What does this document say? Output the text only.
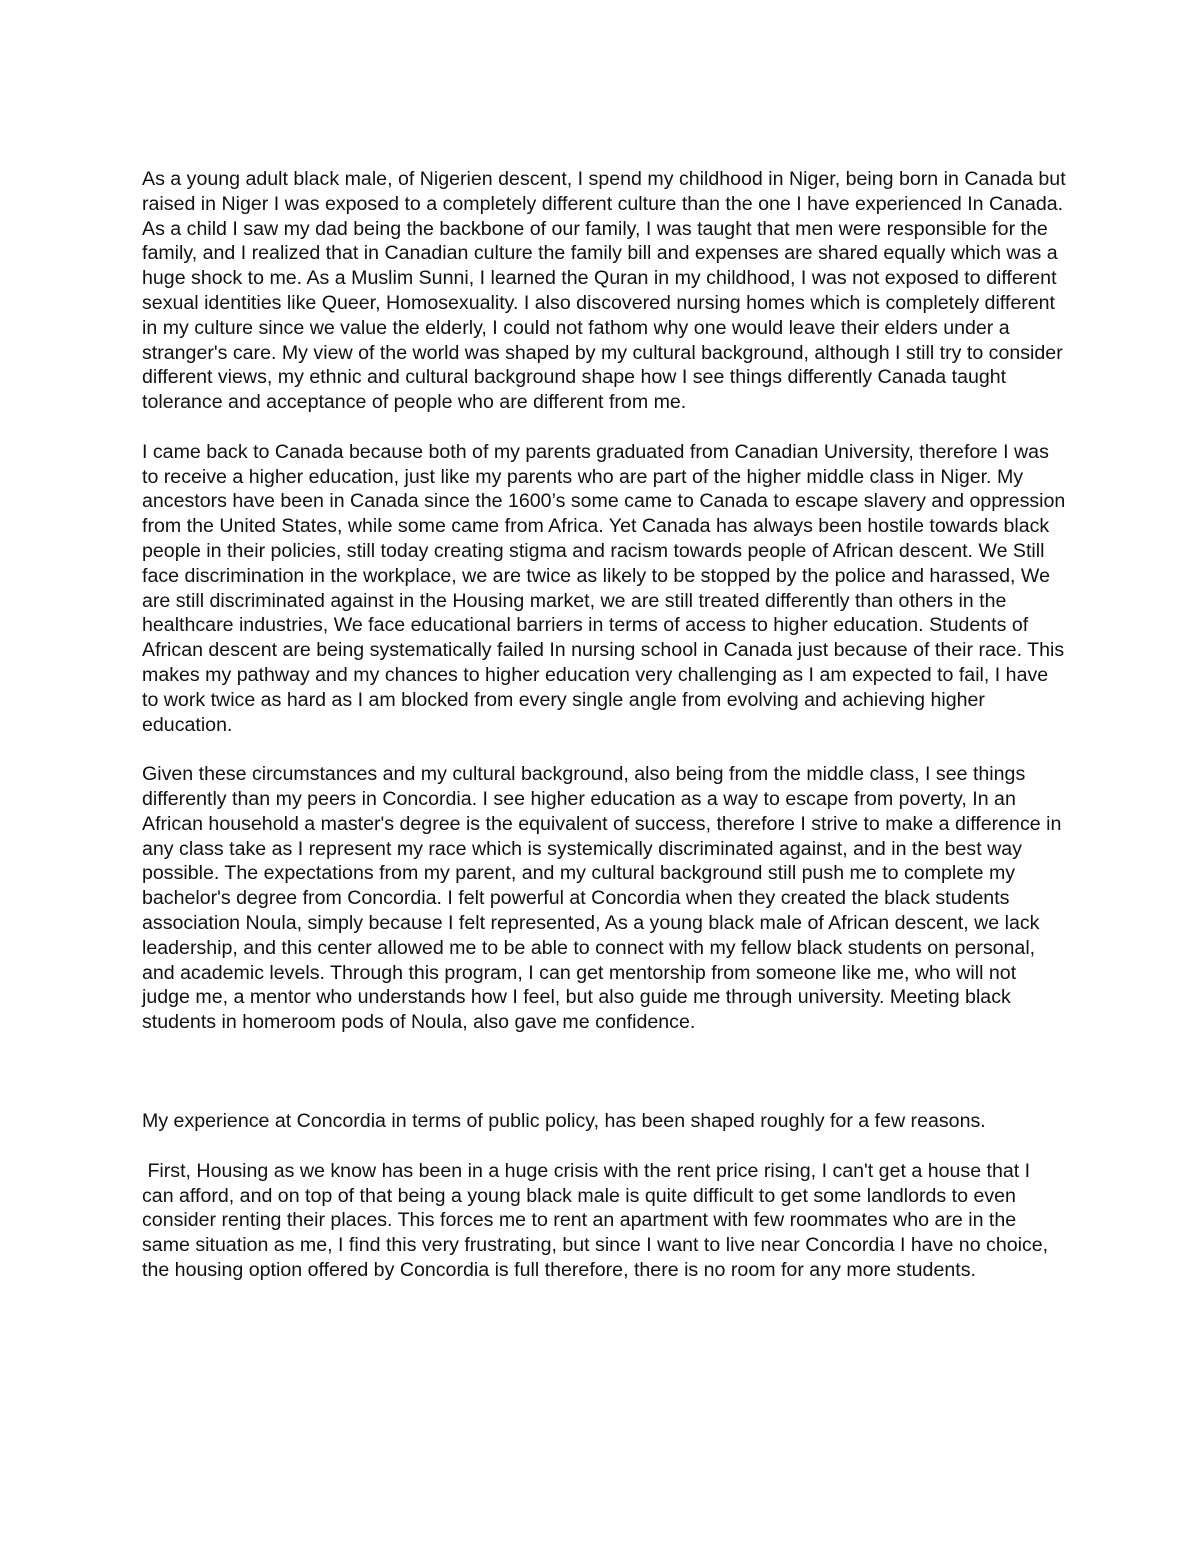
As a young adult black male, of Nigerien descent, I spend my childhood in Niger, being born in Canada but raised in Niger I was exposed to a completely different culture than the one I have experienced In Canada. As a child I saw my dad being the backbone of our family, I was taught that men were responsible for the family, and I realized that in Canadian culture the family bill and expenses are shared equally which was a huge shock to me. As a Muslim Sunni, I learned the Quran in my childhood, I was not exposed to different sexual identities like Queer, Homosexuality. I also discovered nursing homes which is completely different in my culture since we value the elderly, I could not fathom why one would leave their elders under a stranger's care. My view of the world was shaped by my cultural background, although I still try to consider different views, my ethnic and cultural background shape how I see things differently Canada taught tolerance and acceptance of people who are different from me.

I came back to Canada because both of my parents graduated from Canadian University, therefore I was to receive a higher education, just like my parents who are part of the higher middle class in Niger. My ancestors have been in Canada since the 1600’s some came to Canada to escape slavery and oppression from the United States, while some came from Africa. Yet Canada has always been hostile towards black people in their policies, still today creating stigma and racism towards people of African descent. We Still face discrimination in the workplace, we are twice as likely to be stopped by the police and harassed, We are still discriminated against in the Housing market, we are still treated differently than others in the healthcare industries, We face educational barriers in terms of access to higher education. Students of African descent are being systematically failed In nursing school in Canada just because of their race. This makes my pathway and my chances to higher education very challenging as I am expected to fail, I have to work twice as hard as I am blocked from every single angle from evolving and achieving higher education.

Given these circumstances and my cultural background, also being from the middle class, I see things differently than my peers in Concordia. I see higher education as a way to escape from poverty, In an African household a master's degree is the equivalent of success, therefore I strive to make a difference in any class take as I represent my race which is systemically discriminated against, and in the best way possible. The expectations from my parent, and my cultural background still push me to complete my bachelor's degree from Concordia. I felt powerful at Concordia when they created the black students association Noula, simply because I felt represented, As a young black male of African descent, we lack leadership, and this center allowed me to be able to connect with my fellow black students on personal, and academic levels. Through this program, I can get mentorship from someone like me, who will not judge me, a mentor who understands how I feel, but also guide me through university. Meeting black students in homeroom pods of Noula, also gave me confidence.

My experience at Concordia in terms of public policy, has been shaped roughly for a few reasons.

First, Housing as we know has been in a huge crisis with the rent price rising, I can't get a house that I can afford, and on top of that being a young black male is quite difficult to get some landlords to even consider renting their places. This forces me to rent an apartment with few roommates who are in the same situation as me, I find this very frustrating, but since I want to live near Concordia I have no choice, the housing option offered by Concordia is full therefore, there is no room for any more students.
